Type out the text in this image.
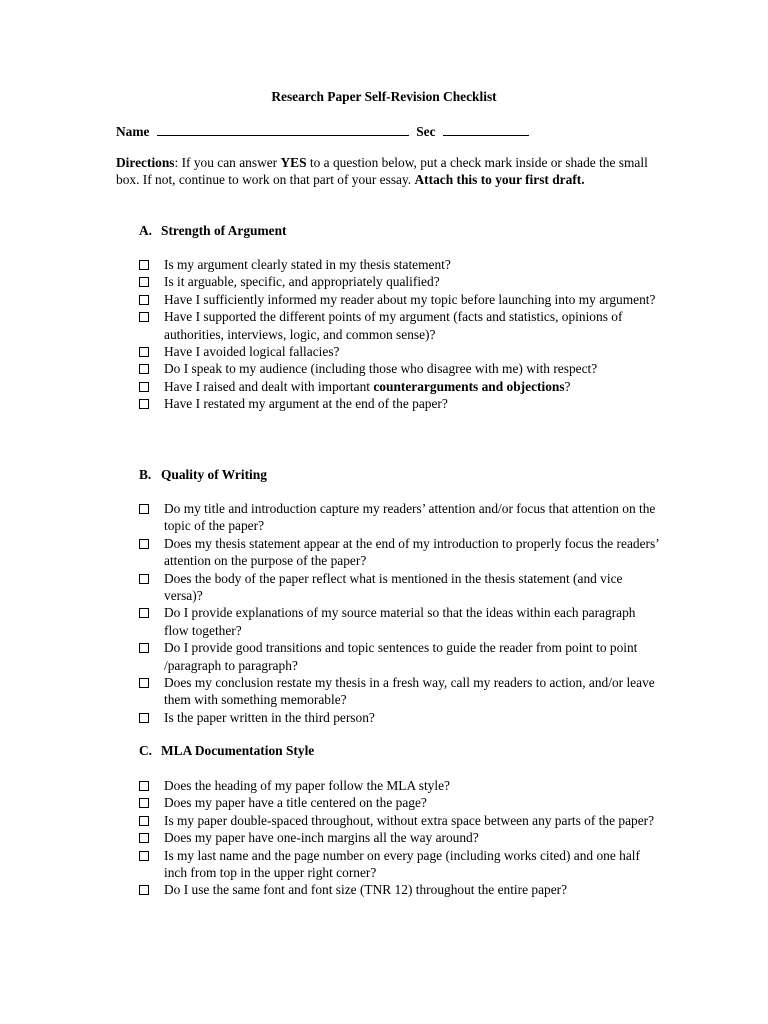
Research Paper Self-Revision Checklist
Name	Sec
Directions: If you can answer YES to a question below, put a check mark inside or shade the small box. If not, continue to work on that part of your essay. Attach this to your first draft.
A. Strength of Argument
Is my argument clearly stated in my thesis statement?
Is it arguable, specific, and appropriately qualified?
Have I sufficiently informed my reader about my topic before launching into my argument?
Have I supported the different points of my argument (facts and statistics, opinions of authorities, interviews, logic, and common sense)?
Have I avoided logical fallacies?
Do I speak to my audience (including those who disagree with me) with respect?
Have I raised and dealt with important counterarguments and objections?
Have I restated my argument at the end of the paper?
B. Quality of Writing
Do my title and introduction capture my readers’ attention and/or focus that attention on the topic of the paper?
Does my thesis statement appear at the end of my introduction to properly focus the readers’ attention on the purpose of the paper?
Does the body of the paper reflect what is mentioned in the thesis statement (and vice versa)?
Do I provide explanations of my source material so that the ideas within each paragraph flow together?
Do I provide good transitions and topic sentences to guide the reader from point to point /paragraph to paragraph?
Does my conclusion restate my thesis in a fresh way, call my readers to action, and/or leave them with something memorable?
Is the paper written in the third person?
C. MLA Documentation Style
Does the heading of my paper follow the MLA style?
Does my paper have a title centered on the page?
Is my paper double-spaced throughout, without extra space between any parts of the paper?
Does my paper have one-inch margins all the way around?
Is my last name and the page number on every page (including works cited) and one half inch from top in the upper right corner?
Do I use the same font and font size (TNR 12) throughout the entire paper?
